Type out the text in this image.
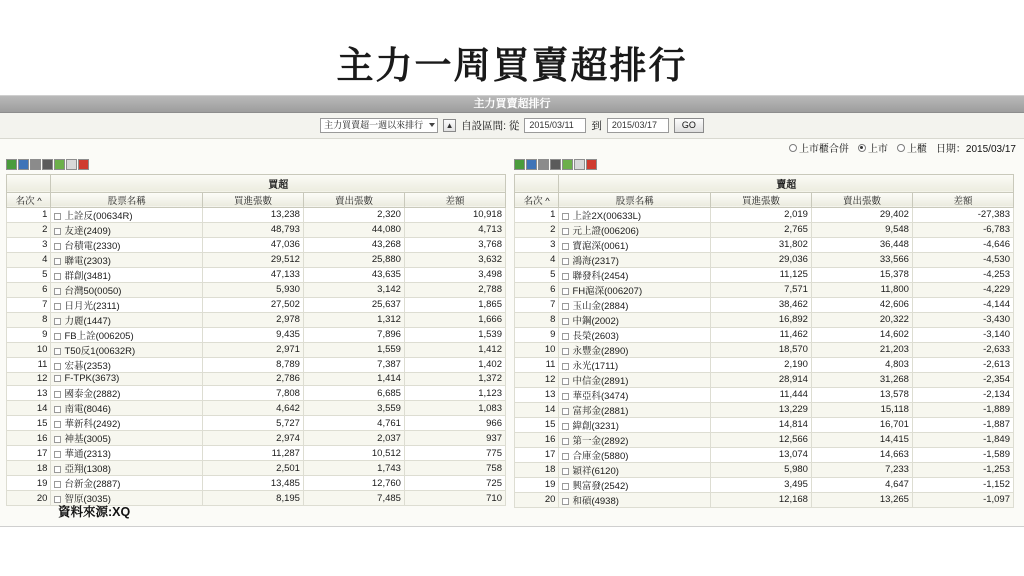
主力一周買賣超排行
主力買賣超排行
主力買賣超一週以來排行	▲ 自設區間: 從	2015/03/11	到	2015/03/17	GO
上市櫃合併 上市 上櫃 日期：2015/03/17
	買超			
名次 ^	股票名稱	買進張數	賣出張數	差額
1	上詮反(00634R)	13,238	2,320	10,918
2	友達(2409)	48,793	44,080	4,713
3	台積電(2330)	47,036	43,268	3,768
4	聯電(2303)	29,512	25,880	3,632
5	群創(3481)	47,133	43,635	3,498
6	台灣50(0050)	5,930	3,142	2,788
7	日月光(2311)	27,502	25,637	1,865
8	力麗(1447)	2,978	1,312	1,666
9	FB上詮(006205)	9,435	7,896	1,539
10	T50反1(00632R)	2,971	1,559	1,412
11	宏碁(2353)	8,789	7,387	1,402
12	F-TPK(3673)	2,786	1,414	1,372
13	國泰金(2882)	7,808	6,685	1,123
14	南電(8046)	4,642	3,559	1,083
15	華新科(2492)	5,727	4,761	966
16	神基(3005)	2,974	2,037	937
17	華通(2313)	11,287	10,512	775
18	亞翔(1308)	2,501	1,743	758
19	台新金(2887)	13,485	12,760	725
20	智原(3035)	8,195	7,485	710
	賣超			
名次 ^	股票名稱	買進張數	賣出張數	差額
1	上詮2X(00633L)	2,019	29,402	-27,383
2	元上證(006206)	2,765	9,548	-6,783
3	寶滬深(0061)	31,802	36,448	-4,646
4	鴻海(2317)	29,036	33,566	-4,530
5	聯發科(2454)	11,125	15,378	-4,253
6	FH滬深(006207)	7,571	11,800	-4,229
7	玉山金(2884)	38,462	42,606	-4,144
8	中鋼(2002)	16,892	20,322	-3,430
9	長榮(2603)	11,462	14,602	-3,140
10	永豐金(2890)	18,570	21,203	-2,633
11	永光(1711)	2,190	4,803	-2,613
12	中信金(2891)	28,914	31,268	-2,354
13	華亞科(3474)	11,444	13,578	-2,134
14	富邦金(2881)	13,229	15,118	-1,889
15	緯創(3231)	14,814	16,701	-1,887
16	第一金(2892)	12,566	14,415	-1,849
17	合庫金(5880)	13,074	14,663	-1,589
18	穎祥(6120)	5,980	7,233	-1,253
19	興富發(2542)	3,495	4,647	-1,152
20	和碩(4938)	12,168	13,265	-1,097
資料來源:XQ
